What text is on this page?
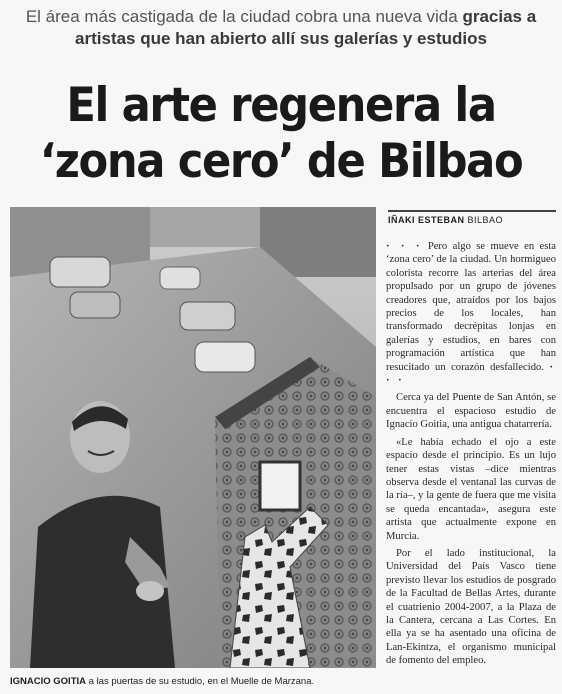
El área más castigada de la ciudad cobra una nueva vida gracias a
artistas que han abierto allí sus galerías y estudios
El arte regenera la
‘zona cero’ de Bilbao
IGNACIO GOITIA a las puertas de su estudio, en el Muelle de Marzana.
IÑAKI ESTEBAN BILBAO

· · · Pero algo se mueve en esta ‘zona cero’ de la ciudad. Un hormigueo colorista recorre las arterias del área propulsado por un grupo de jóvenes creadores que, atraídos por los bajos precios de los locales, han transformado decrépitas lonjas en galerías y estudios, en bares con programación artística que han resucitado un corazón desfallecido. · · ·

Cerca ya del Puente de San Antón, se encuentra el espacioso estudio de Ignacio Goitia, una antigua chatarrería.

«Le había echado el ojo a este espacio desde el principio. Es un lujo tener estas vistas –dice mientras observa desde el ventanal las curvas de la ría–, y la gente de fuera que me visita se queda encantada», asegura este artista que actualmente expone en Murcia.

Por el lado institucional, la Universidad del País Vasco tiene previsto llevar los estudios de posgrado de la Facultad de Bellas Artes, durante el cuatrienio 2004-2007, a la Plaza de la Cantera, cercana a Las Cortes. En ella ya se ha asentado una oficina de Lan-Ekintza, el organismo municipal de fomento del empleo.
